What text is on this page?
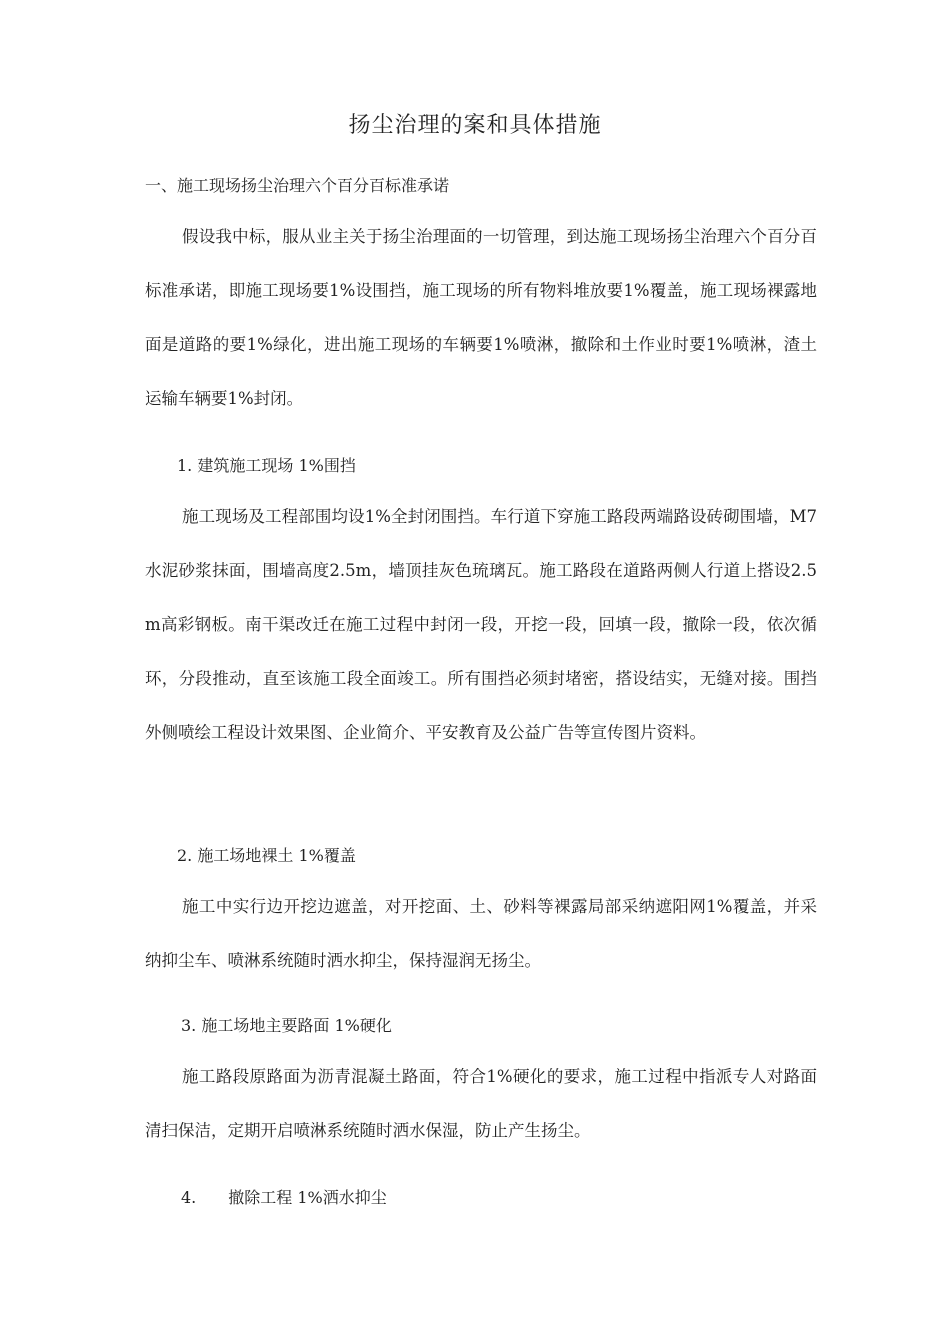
扬尘治理的案和具体措施
一、施工现场扬尘治理六个百分百标准承诺
假设我中标，服从业主关于扬尘治理面的一切管理，到达施工现场扬尘治理六个百分百标准承诺，即施工现场要1%设围挡，施工现场的所有物料堆放要1%覆盖，施工现场裸露地面是道路的要1%绿化，进出施工现场的车辆要1%喷淋，撤除和土作业时要1%喷淋，渣土运输车辆要1%封闭。
1. 建筑施工现场 1%围挡
施工现场及工程部围均设1%全封闭围挡。车行道下穿施工路段两端路设砖砌围墙，M7水泥砂浆抹面，围墙高度2.5m，墙顶挂灰色琉璃瓦。施工路段在道路两侧人行道上搭设2.5m高彩钢板。南干渠改迁在施工过程中封闭一段，开挖一段，回填一段，撤除一段，依次循环，分段推动，直至该施工段全面竣工。所有围挡必须封堵密，搭设结实，无缝对接。围挡外侧喷绘工程设计效果图、企业简介、平安教育及公益广告等宣传图片资料。
2. 施工场地裸土 1%覆盖
施工中实行边开挖边遮盖，对开挖面、土、砂料等裸露局部采纳遮阳网1%覆盖，并采纳抑尘车、喷淋系统随时洒水抑尘，保持湿润无扬尘。
3. 施工场地主要路面 1%硬化
施工路段原路面为沥青混凝土路面，符合1%硬化的要求，施工过程中指派专人对路面清扫保洁，定期开启喷淋系统随时洒水保湿，防止产生扬尘。
4.　　撤除工程 1%洒水抑尘
